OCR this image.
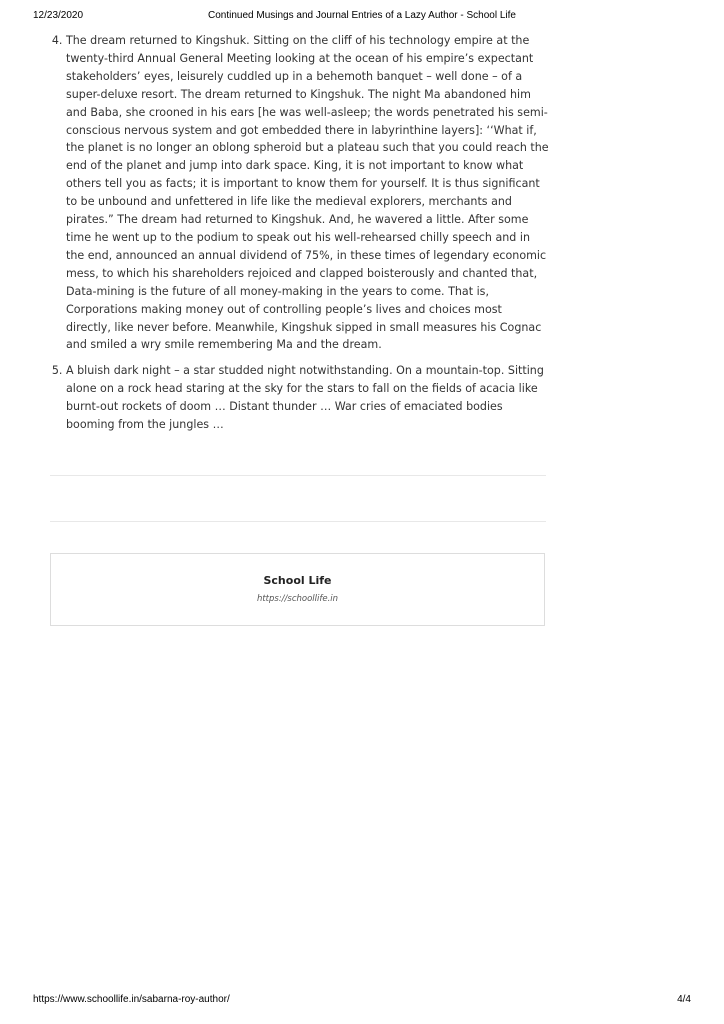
12/23/2020	Continued Musings and Journal Entries of a Lazy Author - School Life
4. The dream returned to Kingshuk. Sitting on the cliff of his technology empire at the twenty-third Annual General Meeting looking at the ocean of his empire’s expectant stakeholders’ eyes, leisurely cuddled up in a behemoth banquet – well done – of a super-deluxe resort. The dream returned to Kingshuk. The night Ma abandoned him and Baba, she crooned in his ears [he was well-asleep; the words penetrated his semi-conscious nervous system and got embedded there in labyrinthine layers]: ‘‘What if, the planet is no longer an oblong spheroid but a plateau such that you could reach the end of the planet and jump into dark space. King, it is not important to know what others tell you as facts; it is important to know them for yourself. It is thus significant to be unbound and unfettered in life like the medieval explorers, merchants and pirates.” The dream had returned to Kingshuk. And, he wavered a little. After some time he went up to the podium to speak out his well-rehearsed chilly speech and in the end, announced an annual dividend of 75%, in these times of legendary economic mess, to which his shareholders rejoiced and clapped boisterously and chanted that, Data-mining is the future of all money-making in the years to come. That is, Corporations making money out of controlling people’s lives and choices most directly, like never before. Meanwhile, Kingshuk sipped in small measures his Cognac and smiled a wry smile remembering Ma and the dream.
5. A bluish dark night – a star studded night notwithstanding. On a mountain-top. Sitting alone on a rock head staring at the sky for the stars to fall on the fields of acacia like burnt-out rockets of doom … Distant thunder … War cries of emaciated bodies booming from the jungles …
School Life
https://schoollife.in
https://www.schoollife.in/sabarna-roy-author/	4/4
